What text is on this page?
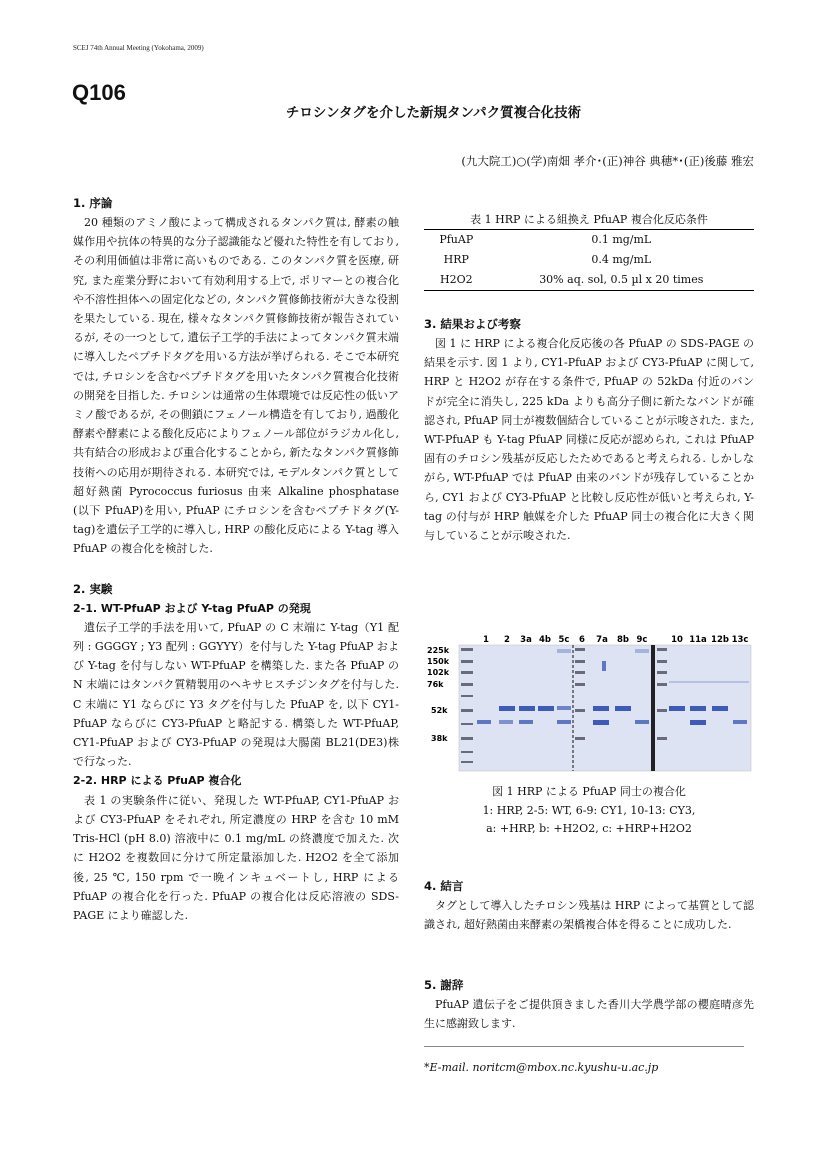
SCEJ 74th Annual Meeting (Yokohama, 2009)
Q106
チロシンタグを介した新規タンパク質複合化技術
(九大院工)○(学)南畑 孝介･(正)神谷 典穂*･(正)後藤 雅宏
1. 序論

20 種類のアミノ酸によって構成されるタンパク質は, 酵素の触媒作用や抗体の特異的な分子認識能など優れた特性を有しており, その利用価値は非常に高いものである. このタンパク質を医療, 研究, また産業分野において有効利用する上で, ポリマーとの複合化や不溶性担体への固定化などの, タンパク質修飾技術が大きな役割を果たしている. 現在, 様々なタンパク質修飾技術が報告されているが, その一つとして, 遺伝子工学的手法によってタンパク質末端に導入したペプチドタグを用いる方法が挙げられる. そこで本研究では, チロシンを含むペプチドタグを用いたタンパク質複合化技術の開発を目指した. チロシンは通常の生体環境では反応性の低いアミノ酸であるが, その側鎖にフェノール構造を有しており, 過酸化酵素や酵素による酸化反応によりフェノール部位がラジカル化し, 共有結合の形成および重合化することから, 新たなタンパク質修飾技術への応用が期待される. 本研究では, モデルタンパク質として超好熱菌 Pyrococcus furiosus 由来 Alkaline phosphatase (以下 PfuAP)を用い, PfuAP にチロシンを含むペプチドタグ(Y-tag)を遺伝子工学的に導入し, HRP の酸化反応による Y-tag 導入 PfuAP の複合化を検討した.

2. 実験
2-1. WT-PfuAP および Y-tag PfuAP の発現

遺伝子工学的手法を用いて, PfuAP の C 末端に Y-tag（Y1 配列 : GGGGY ; Y3 配列 : GGYYY）を付与した Y-tag PfuAP および Y-tag を付与しない WT-PfuAP を構築した. また各 PfuAP の N 末端にはタンパク質精製用のヘキサヒスチジンタグを付与した. C 末端に Y1 ならびに Y3 タグを付与した PfuAP を, 以下 CY1-PfuAP ならびに CY3-PfuAP と略記する. 構築した WT-PfuAP, CY1-PfuAP および CY3-PfuAP の発現は大腸菌 BL21(DE3)株で行なった.

2-2. HRP による PfuAP 複合化

表 1 の実験条件に従い、発現した WT-PfuAP, CY1-PfuAP および CY3-PfuAP をそれぞれ, 所定濃度の HRP を含む 10 mM Tris-HCl (pH 8.0) 溶液中に 0.1 mg/mL の終濃度で加えた. 次に H2O2 を複数回に分けて所定量添加した. H2O2 を全て添加後, 25 ℃, 150 rpm で一晩インキュベートし, HRP による PfuAP の複合化を行った. PfuAP の複合化は反応溶液の SDS-PAGE により確認した.

表 1 HRP による組換え PfuAP 複合化反応条件
PfuAP	0.1 mg/mL
HRP	0.4 mg/mL
H2O2	30% aq. sol, 0.5 µl x 20 times
3. 結果および考察

図 1 に HRP による複合化反応後の各 PfuAP の SDS-PAGE の結果を示す. 図 1 より, CY1-PfuAP および CY3-PfuAP に関して, HRP と H2O2 が存在する条件で, PfuAP の 52kDa 付近のバンドが完全に消失し, 225 kDa よりも高分子側に新たなバンドが確認され, PfuAP 同士が複数個結合していることが示唆された. また, WT-PfuAP も Y-tag PfuAP 同様に反応が認められ, これは PfuAP 固有のチロシン残基が反応したためであると考えられる. しかしながら, WT-PfuAP では PfuAP 由来のバンドが残存していることから, CY1 および CY3-PfuAP と比較し反応性が低いと考えられ, Y-tag の付与が HRP 触媒を介した PfuAP 同士の複合化に大きく関与していることが示唆された.

225k
150k
102k
76k
52k
38k
1 2 3a 4b 5c 6 7a 8b 9c	10 11a 12b 13c
図 1 HRP による PfuAP 同士の複合化
1: HRP, 2-5: WT, 6-9: CY1, 10-13: CY3,
a: +HRP, b: +H2O2, c: +HRP+H2O2
4. 結言

タグとして導入したチロシン残基は HRP によって基質として認識され, 超好熱菌由来酵素の架橋複合体を得ることに成功した.

5. 謝辞

PfuAP 遺伝子をご提供頂きました香川大学農学部の櫻庭晴彦先生に感謝致します.

*E-mail. noritcm@mbox.nc.kyushu-u.ac.jp
